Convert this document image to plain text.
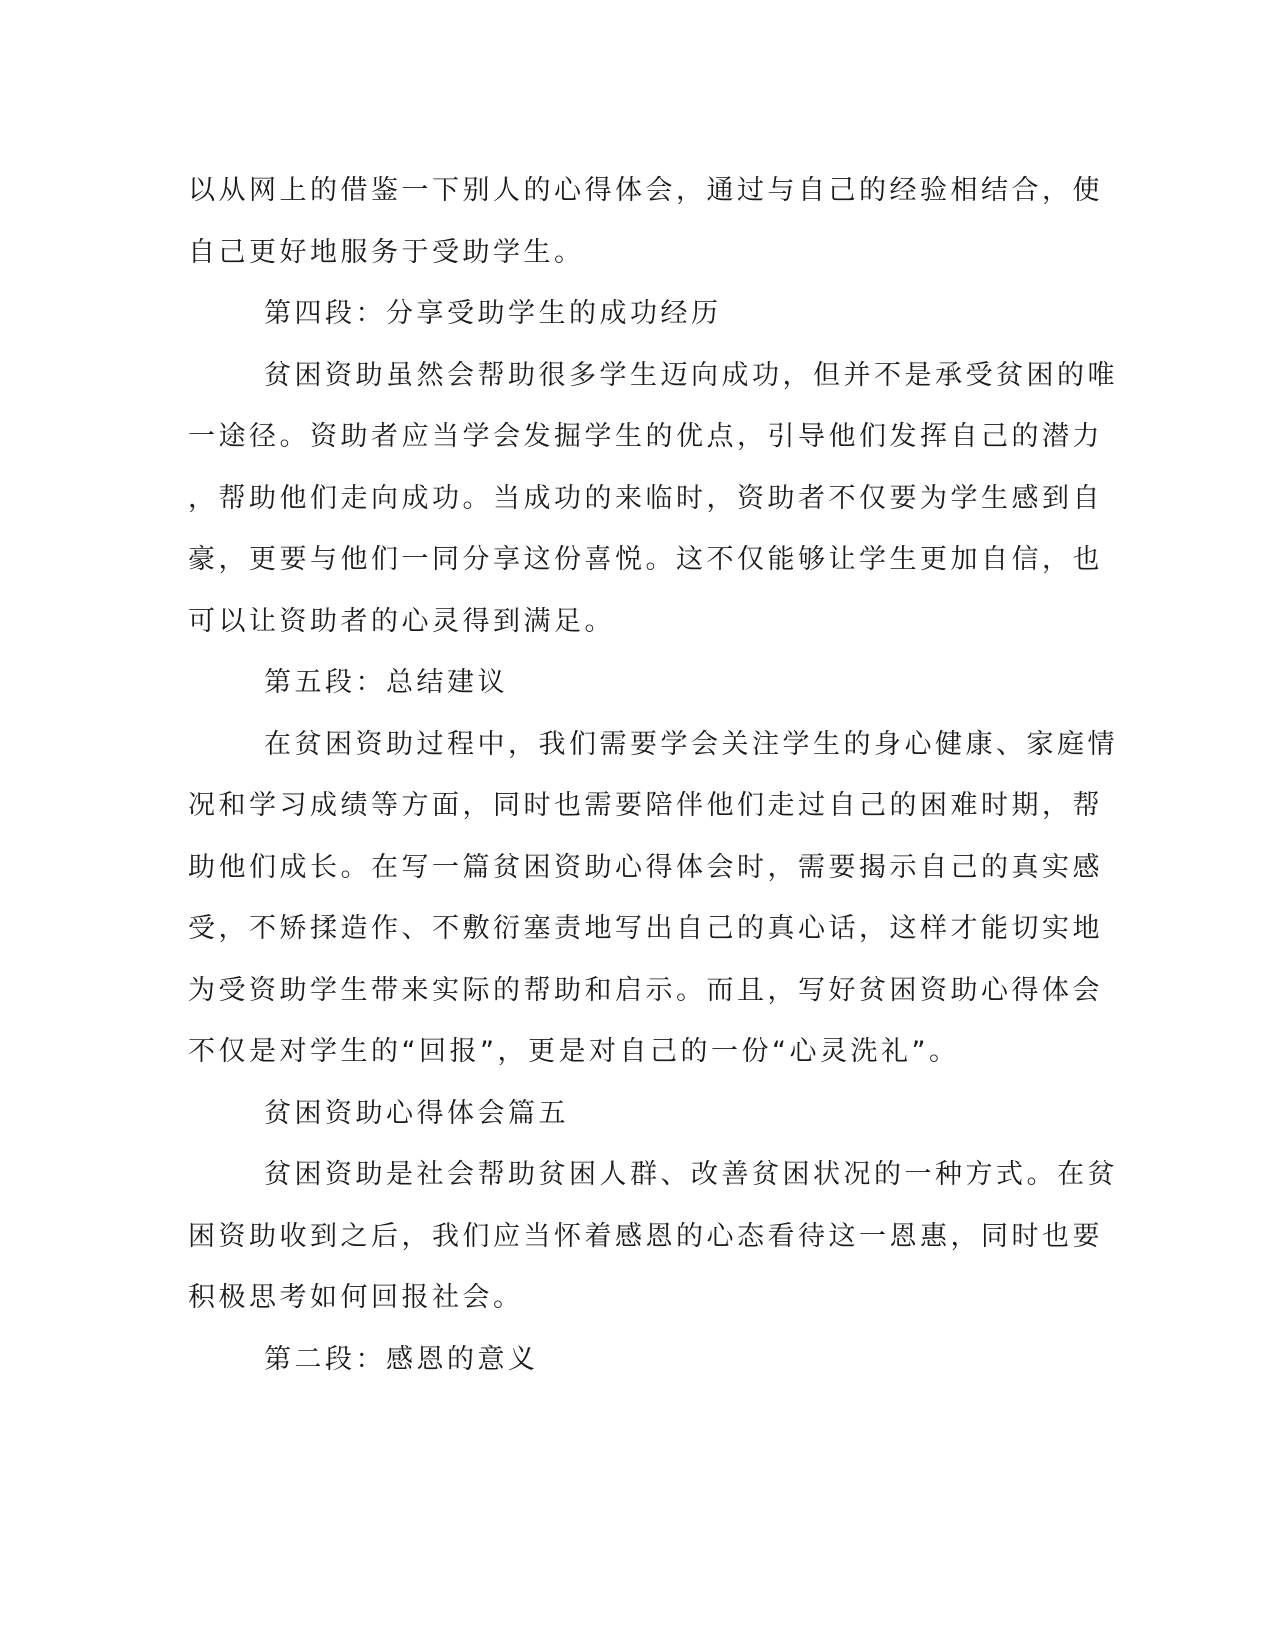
以从网上的借鉴一下别人的心得体会，通过与自己的经验相结合，使
自己更好地服务于受助学生。
第四段：分享受助学生的成功经历
贫困资助虽然会帮助很多学生迈向成功，但并不是承受贫困的唯
一途径。资助者应当学会发掘学生的优点，引导他们发挥自己的潜力
，帮助他们走向成功。当成功的来临时，资助者不仅要为学生感到自
豪，更要与他们一同分享这份喜悦。这不仅能够让学生更加自信，也
可以让资助者的心灵得到满足。
第五段：总结建议
在贫困资助过程中，我们需要学会关注学生的身心健康、家庭情
况和学习成绩等方面，同时也需要陪伴他们走过自己的困难时期，帮
助他们成长。在写一篇贫困资助心得体会时，需要揭示自己的真实感
受，不矫揉造作、不敷衍塞责地写出自己的真心话，这样才能切实地
为受资助学生带来实际的帮助和启示。而且，写好贫困资助心得体会
不仅是对学生的“回报”，更是对自己的一份“心灵洗礼”。
贫困资助心得体会篇五
贫困资助是社会帮助贫困人群、改善贫困状况的一种方式。在贫
困资助收到之后，我们应当怀着感恩的心态看待这一恩惠，同时也要
积极思考如何回报社会。
第二段：感恩的意义
